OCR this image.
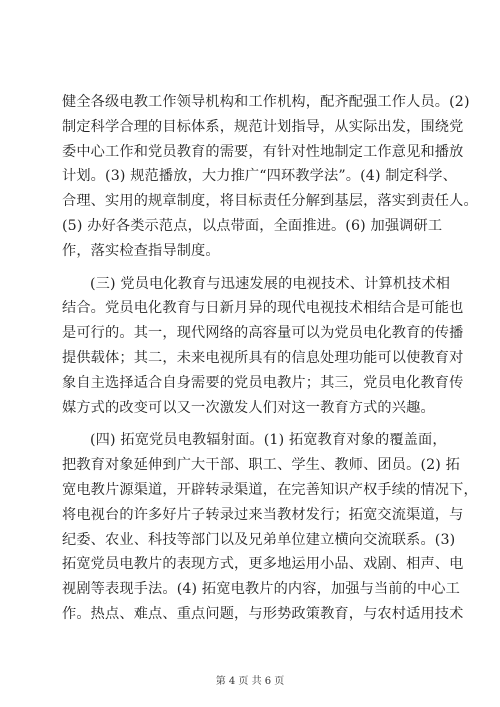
健全各级电教工作领导机构和工作机构，配齐配强工作人员。(2)
制定科学合理的目标体系，规范计划指导，从实际出发，围绕党
委中心工作和党员教育的需要，有针对性地制定工作意见和播放
计划。(3) 规范播放，大力推广“四环教学法”。(4) 制定科学、
合理、实用的规章制度，将目标责任分解到基层，落实到责任人。
(5) 办好各类示范点，以点带面，全面推进。(6) 加强调研工
作，落实检查指导制度。
(三) 党员电化教育与迅速发展的电视技术、计算机技术相
结合。党员电化教育与日新月异的现代电视技术相结合是可能也
是可行的。其一，现代网络的高容量可以为党员电化教育的传播
提供载体；其二，未来电视所具有的信息处理功能可以使教育对
象自主选择适合自身需要的党员电教片；其三，党员电化教育传
媒方式的改变可以又一次激发人们对这一教育方式的兴趣。
(四) 拓宽党员电教辐射面。(1) 拓宽教育对象的覆盖面，
把教育对象延伸到广大干部、职工、学生、教师、团员。(2) 拓
宽电教片源渠道，开辟转录渠道，在完善知识产权手续的情况下，
将电视台的许多好片子转录过来当教材发行；拓宽交流渠道，与
纪委、农业、科技等部门以及兄弟单位建立横向交流联系。(3)
拓宽党员电教片的表现方式，更多地运用小品、戏剧、相声、电
视剧等表现手法。(4) 拓宽电教片的内容，加强与当前的中心工
作。热点、难点、重点问题，与形势政策教育，与农村适用技术
第 4 页 共 6 页
